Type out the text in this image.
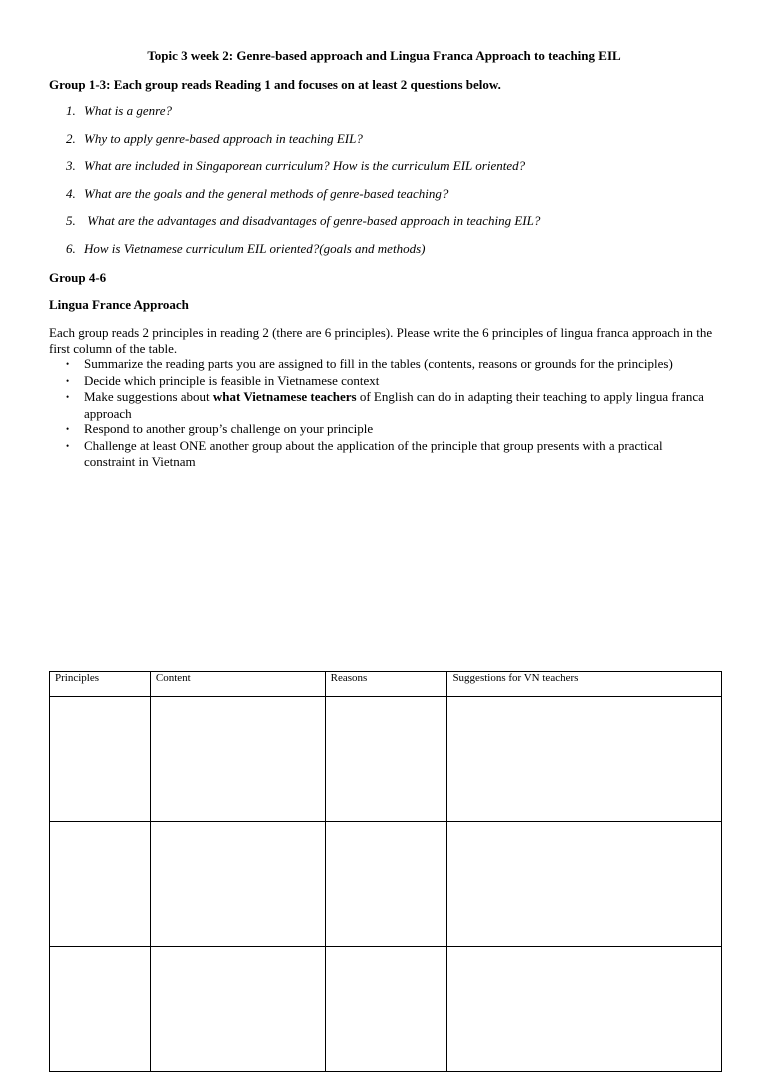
Topic 3 week 2: Genre-based approach and Lingua Franca Approach to teaching EIL
Group 1-3: Each group reads Reading 1 and focuses on at least 2 questions below.
1. What is a genre?
2. Why to apply genre-based approach in teaching EIL?
3. What are included in Singaporean curriculum? How is the curriculum EIL oriented?
4. What are the goals and the general methods of genre-based teaching?
5. What are the advantages and disadvantages of genre-based approach in teaching EIL?
6. How is Vietnamese curriculum EIL oriented?(goals and methods)
Group 4-6
Lingua France Approach
Each group reads 2 principles in reading 2 (there are 6 principles). Please write the 6 principles of lingua franca approach in the first column of the table.
• Summarize the reading parts you are assigned to fill in the tables (contents, reasons or grounds for the principles)
• Decide which principle is feasible in Vietnamese context
• Make suggestions about what Vietnamese teachers of English can do in adapting their teaching to apply lingua franca approach
• Respond to another group’s challenge on your principle
• Challenge at least ONE another group about the application of the principle that group presents with a practical constraint in Vietnam
Principles	Content	Reasons	Suggestions for VN teachers
